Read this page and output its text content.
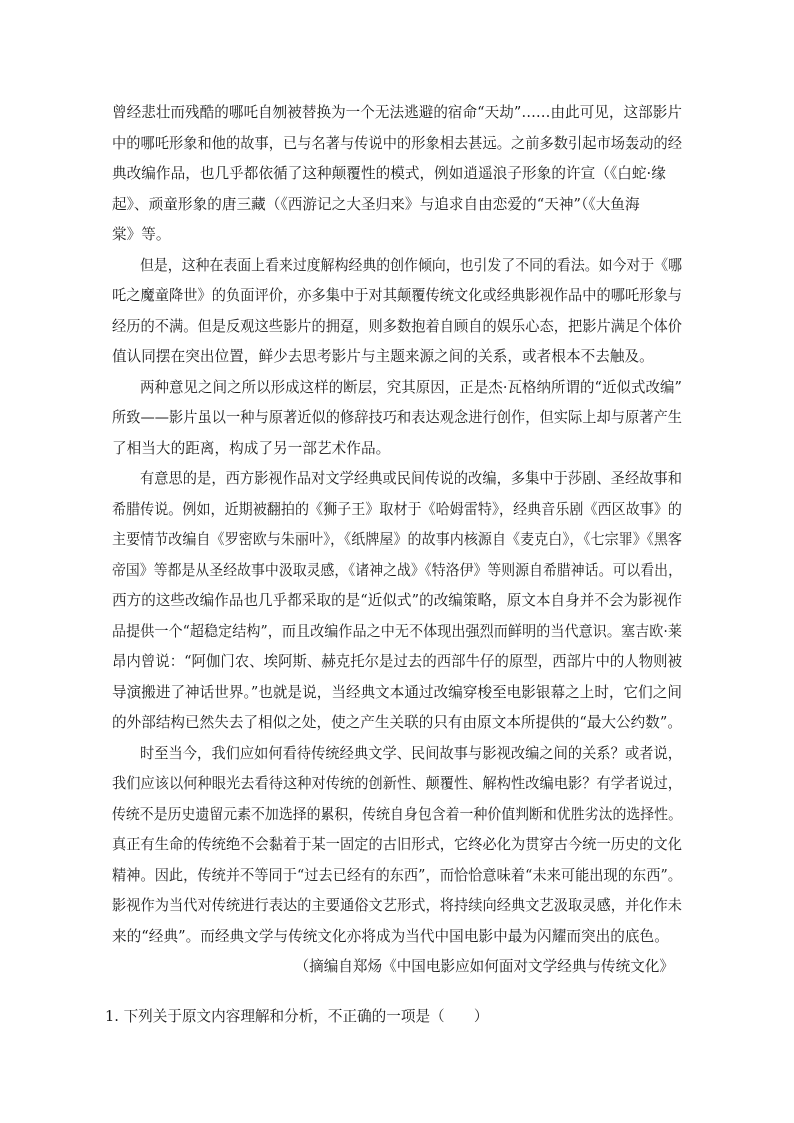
曾经悲壮而残酷的哪吒自刎被替换为一个无法逃避的宿命“天劫”……由此可见，这部影片
中的哪吒形象和他的故事，已与名著与传说中的形象相去甚远。之前多数引起市场轰动的经
典改编作品，也几乎都依循了这种颠覆性的模式，例如逍遥浪子形象的许宣（《白蛇·缘
起》、顽童形象的唐三藏（《西游记之大圣归来》与追求自由恋爱的“天神”（《大鱼海
棠》等。
但是，这种在表面上看来过度解构经典的创作倾向，也引发了不同的看法。如今对于《哪
吒之魔童降世》的负面评价，亦多集中于对其颠覆传统文化或经典影视作品中的哪吒形象与
经历的不满。但是反观这些影片的拥趸，则多数抱着自顾自的娱乐心态，把影片满足个体价
值认同摆在突出位置，鲜少去思考影片与主题来源之间的关系，或者根本不去触及。
两种意见之间之所以形成这样的断层，究其原因，正是杰·瓦格纳所谓的“近似式改编”
所致——影片虽以一种与原著近似的修辞技巧和表达观念进行创作，但实际上却与原著产生
了相当大的距离，构成了另一部艺术作品。
有意思的是，西方影视作品对文学经典或民间传说的改编，多集中于莎剧、圣经故事和
希腊传说。例如，近期被翻拍的《狮子王》取材于《哈姆雷特》，经典音乐剧《西区故事》的
主要情节改编自《罗密欧与朱丽叶》，《纸牌屋》的故事内核源自《麦克白》，《七宗罪》《黑客
帝国》等都是从圣经故事中汲取灵感，《诸神之战》《特洛伊》等则源自希腊神话。可以看出，
西方的这些改编作品也几乎都采取的是“近似式”的改编策略，原文本自身并不会为影视作
品提供一个“超稳定结构”，而且改编作品之中无不体现出强烈而鲜明的当代意识。塞吉欧·莱
昂内曾说：“阿伽门农、埃阿斯、赫克托尔是过去的西部牛仔的原型，西部片中的人物则被
导演搬进了神话世界。”也就是说，当经典文本通过改编穿梭至电影银幕之上时，它们之间
的外部结构已然失去了相似之处，使之产生关联的只有由原文本所提供的“最大公约数”。
时至当今，我们应如何看待传统经典文学、民间故事与影视改编之间的关系？或者说，
我们应该以何种眼光去看待这种对传统的创新性、颠覆性、解构性改编电影？有学者说过，
传统不是历史遗留元素不加选择的累积，传统自身包含着一种价值判断和优胜劣汰的选择性。
真正有生命的传统绝不会黏着于某一固定的古旧形式，它终必化为贯穿古今统一历史的文化
精神。因此，传统并不等同于“过去已经有的东西”，而恰恰意味着“未来可能出现的东西”。
影视作为当代对传统进行表达的主要通俗文艺形式，将持续向经典文艺汲取灵感，并化作未
来的“经典”。而经典文学与传统文化亦将成为当代中国电影中最为闪耀而突出的底色。
（摘编自郑炀《中国电影应如何面对文学经典与传统文化》
1. 下列关于原文内容理解和分析，不正确的一项是（　　）
